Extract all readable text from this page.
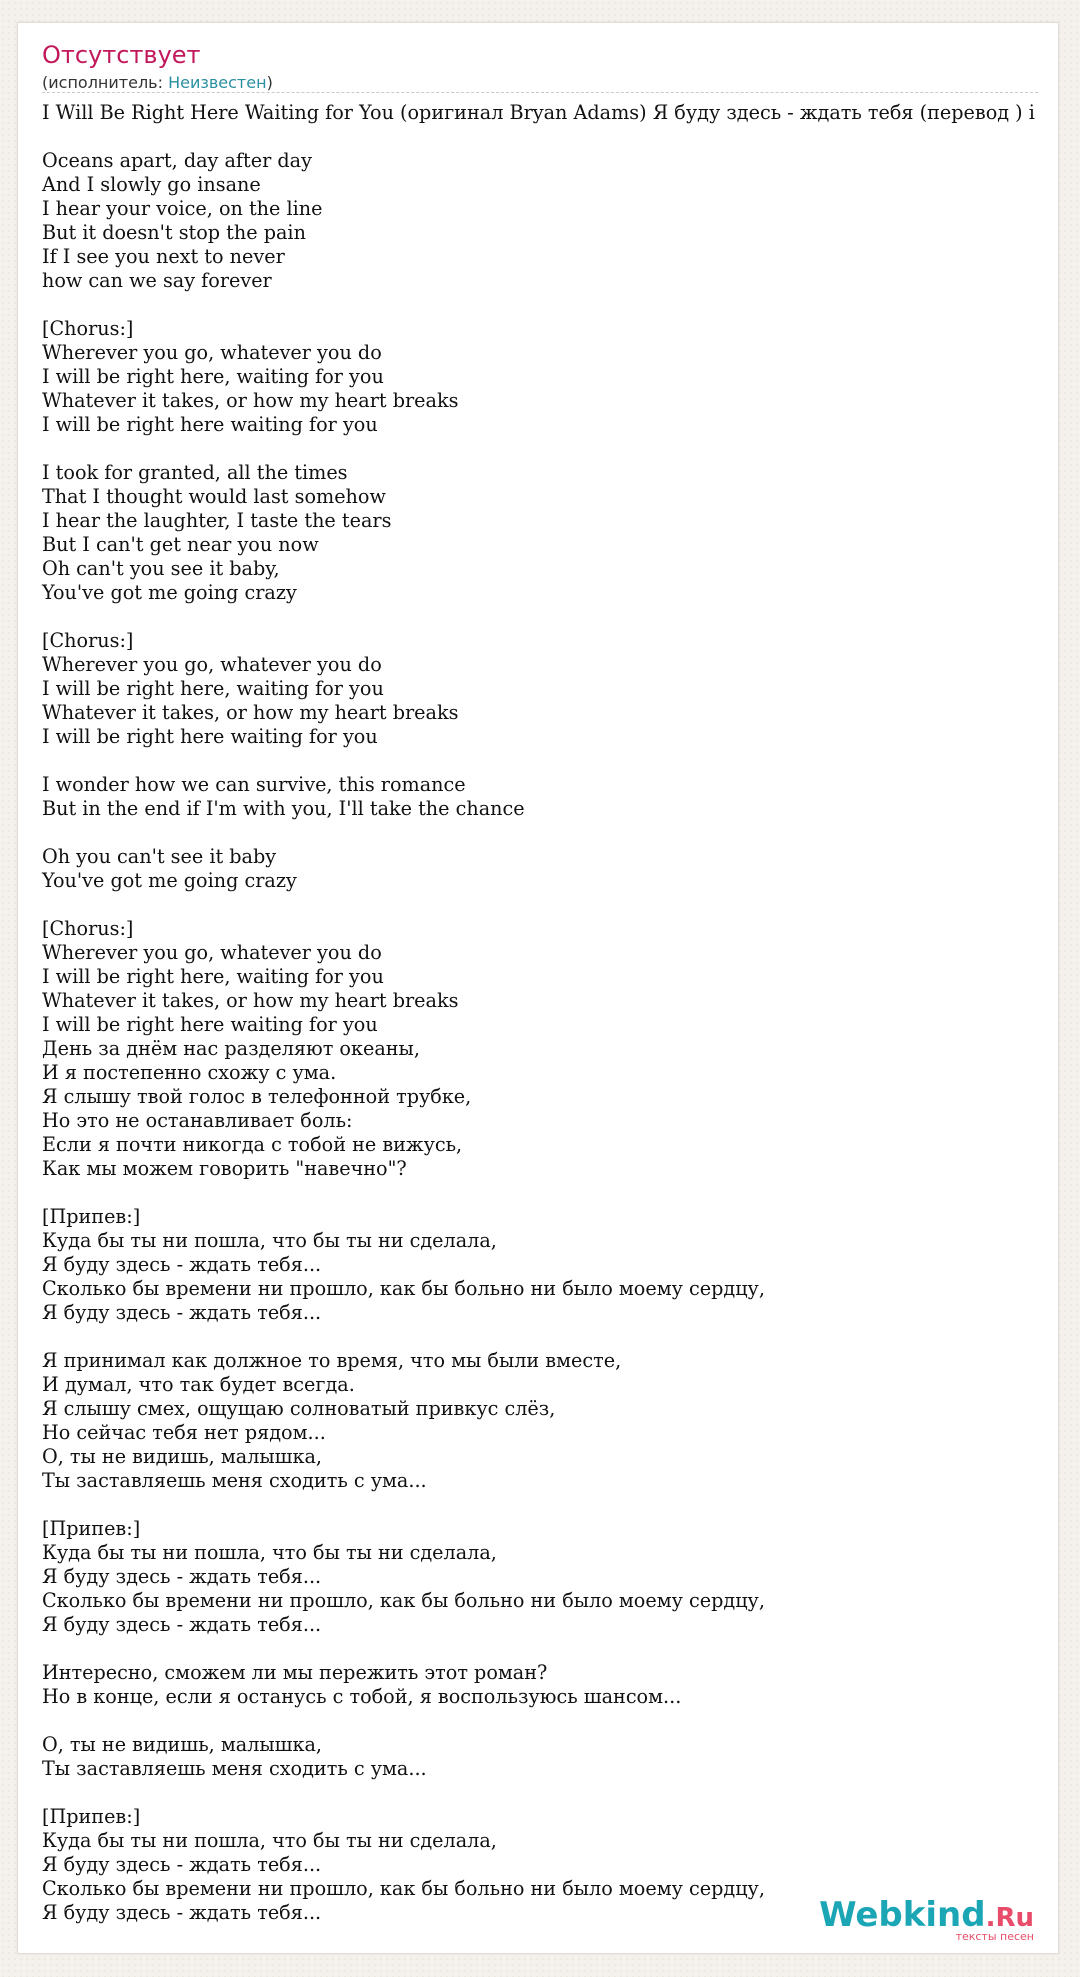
Отсутствует
(исполнитель: Неизвестен)
I Will Be Right Here Waiting for You (оригинал Bryan Adams) Я буду здесь - ждать тебя (перевод ) i
Oceans apart, day after day
And I slowly go insane
I hear your voice, on the line
But it doesn't stop the pain
If I see you next to never
how can we say forever
[Chorus:]
Wherever you go, whatever you do
I will be right here, waiting for you
Whatever it takes, or how my heart breaks
I will be right here waiting for you
I took for granted, all the times
That I thought would last somehow
I hear the laughter, I taste the tears
But I can't get near you now
Oh can't you see it baby,
You've got me going crazy
[Chorus:]
Wherever you go, whatever you do
I will be right here, waiting for you
Whatever it takes, or how my heart breaks
I will be right here waiting for you
I wonder how we can survive, this romance
But in the end if I'm with you, I'll take the chance
Oh you can't see it baby
You've got me going crazy
[Chorus:]
Wherever you go, whatever you do
I will be right here, waiting for you
Whatever it takes, or how my heart breaks
I will be right here waiting for you
День за днём нас разделяют океаны,
И я постепенно схожу с ума.
Я слышу твой голос в телефонной трубке,
Но это не останавливает боль:
Если я почти никогда с тобой не вижусь,
Как мы можем говорить "навечно"?
[Припев:]
Куда бы ты ни пошла, что бы ты ни сделала,
Я буду здесь - ждать тебя...
Сколько бы времени ни прошло, как бы больно ни было моему сердцу,
Я буду здесь - ждать тебя...
Я принимал как должное то время, что мы были вместе,
И думал, что так будет всегда.
Я слышу смех, ощущаю солноватый привкус слёз,
Но сейчас тебя нет рядом...
О, ты не видишь, малышка,
Ты заставляешь меня сходить с ума...
[Припев:]
Куда бы ты ни пошла, что бы ты ни сделала,
Я буду здесь - ждать тебя...
Сколько бы времени ни прошло, как бы больно ни было моему сердцу,
Я буду здесь - ждать тебя...
Интересно, сможем ли мы пережить этот роман?
Но в конце, если я останусь с тобой, я воспользуюсь шансом...
О, ты не видишь, малышка,
Ты заставляешь меня сходить с ума...
[Припев:]
Куда бы ты ни пошла, что бы ты ни сделала,
Я буду здесь - ждать тебя...
Сколько бы времени ни прошло, как бы больно ни было моему сердцу,
Я буду здесь - ждать тебя...	Webkind.Ru
тексты песен
